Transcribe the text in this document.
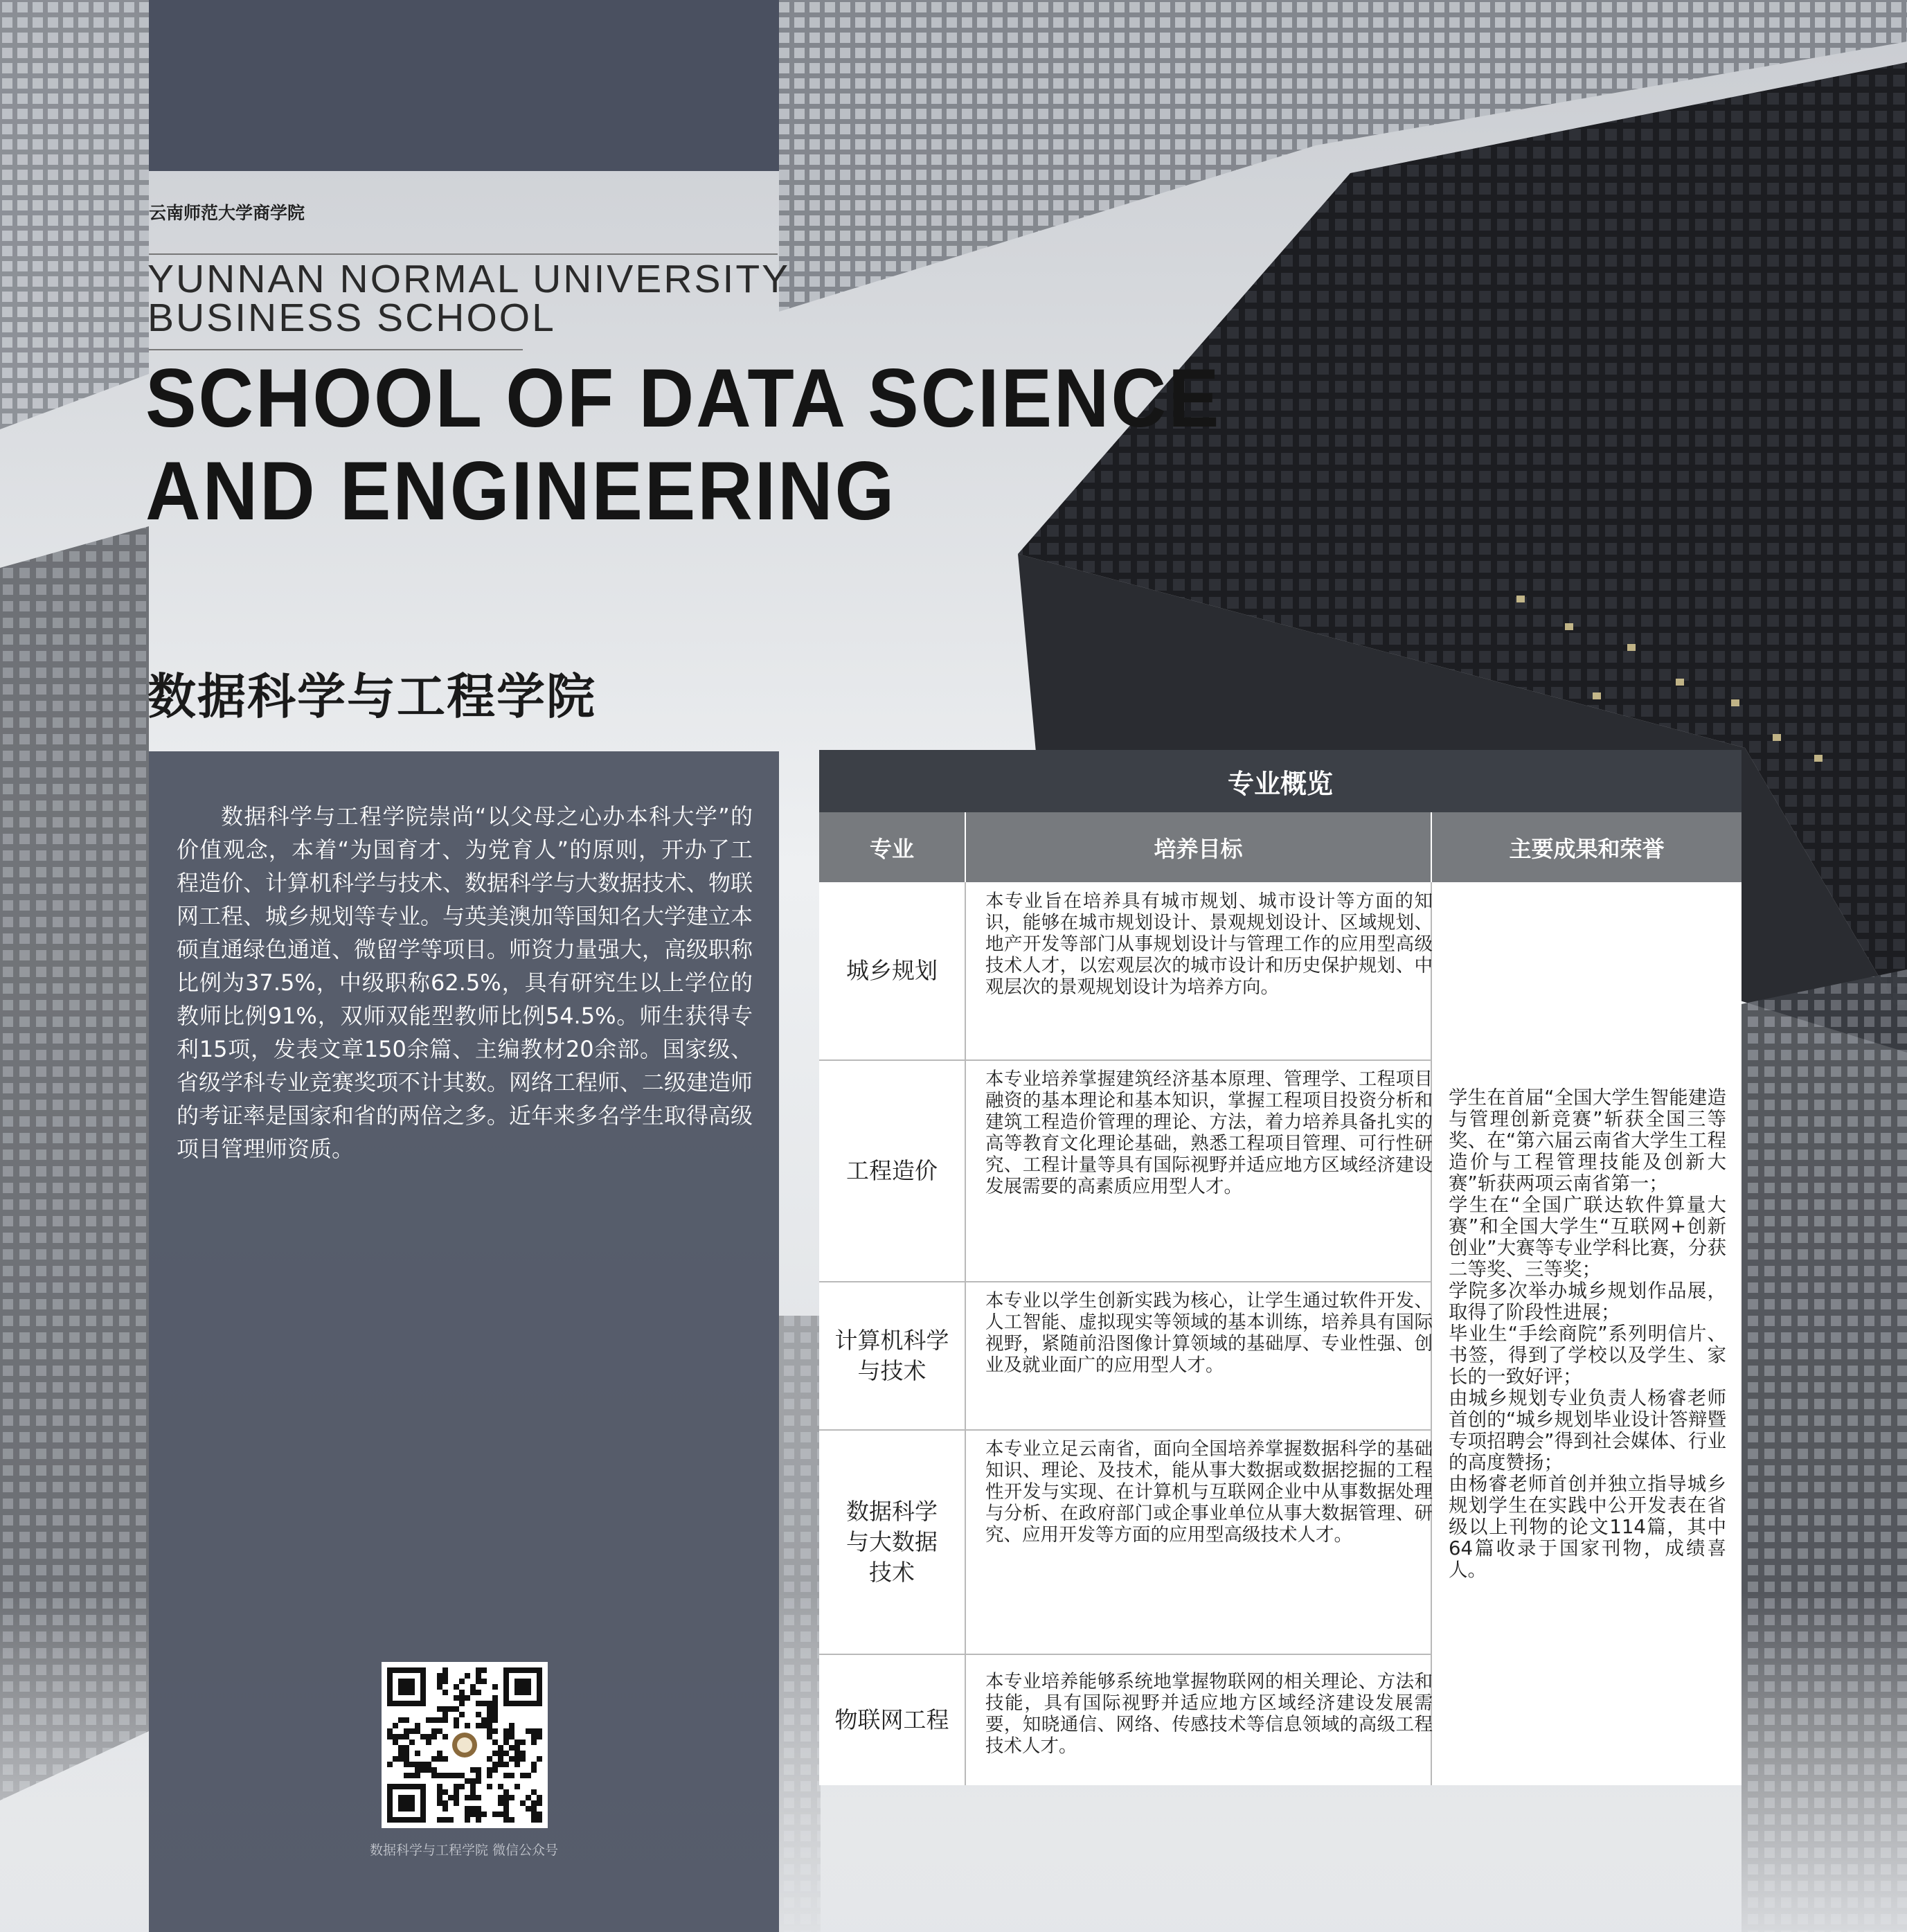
云南师范大学商学院
YUNNAN NORMAL UNIVERSITY
BUSINESS SCHOOL
SCHOOL OF DATA SCIENCE
AND ENGINEERING
数据科学与工程学院
数据科学与工程学院崇尚“以父母之心办本科大学”的价值观念，本着“为国育才、为党育人”的原则，开办了工程造价、计算机科学与技术、数据科学与大数据技术、物联网工程、城乡规划等专业。与英美澳加等国知名大学建立本硕直通绿色通道、微留学等项目。师资力量强大，高级职称比例为37.5%，中级职称62.5%，具有研究生以上学位的教师比例91%，双师双能型教师比例54.5%。师生获得专利15项，发表文章150余篇、主编教材20余部。国家级、省级学科专业竞赛奖项不计其数。网络工程师、二级建造师的考证率是国家和省的两倍之多。近年来多名学生取得高级项目管理师资质。
数据科学与工程学院 微信公众号
专业概览
专业	培养目标	主要成果和荣誉
城乡规划
本专业旨在培养具有城市规划、城市设计等方面的知识，能够在城市规划设计、景观规划设计、区域规划、地产开发等部门从事规划设计与管理工作的应用型高级技术人才，以宏观层次的城市设计和历史保护规划、中观层次的景观规划设计为培养方向。
工程造价
本专业培养掌握建筑经济基本原理、管理学、工程项目融资的基本理论和基本知识，掌握工程项目投资分析和建筑工程造价管理的理论、方法，着力培养具备扎实的高等教育文化理论基础，熟悉工程项目管理、可行性研究、工程计量等具有国际视野并适应地方区域经济建设发展需要的高素质应用型人才。
计算机科学与技术
本专业以学生创新实践为核心，让学生通过软件开发、人工智能、虚拟现实等领域的基本训练，培养具有国际视野，紧随前沿图像计算领域的基础厚、专业性强、创业及就业面广的应用型人才。
数据科学与大数据技术
本专业立足云南省，面向全国培养掌握数据科学的基础知识、理论、及技术，能从事大数据或数据挖掘的工程性开发与实现、在计算机与互联网企业中从事数据处理与分析、在政府部门或企事业单位从事大数据管理、研究、应用开发等方面的应用型高级技术人才。
物联网工程
本专业培养能够系统地掌握物联网的相关理论、方法和技能，具有国际视野并适应地方区域经济建设发展需要，知晓通信、网络、传感技术等信息领域的高级工程技术人才。
学生在首届“全国大学生智能建造与管理创新竞赛”斩获全国三等奖、在“第六届云南省大学生工程造价与工程管理技能及创新大赛”斩获两项云南省第一；
学生在“全国广联达软件算量大赛”和全国大学生“互联网+创新创业”大赛等专业学科比赛，分获二等奖、三等奖；
学院多次举办城乡规划作品展，取得了阶段性进展；
毕业生“手绘商院”系列明信片、书签，得到了学校以及学生、家长的一致好评；
由城乡规划专业负责人杨睿老师首创的“城乡规划毕业设计答辩暨专项招聘会”得到社会媒体、行业的高度赞扬；
由杨睿老师首创并独立指导城乡规划学生在实践中公开发表在省级以上刊物的论文114篇，其中64篇收录于国家刊物，成绩喜人。
